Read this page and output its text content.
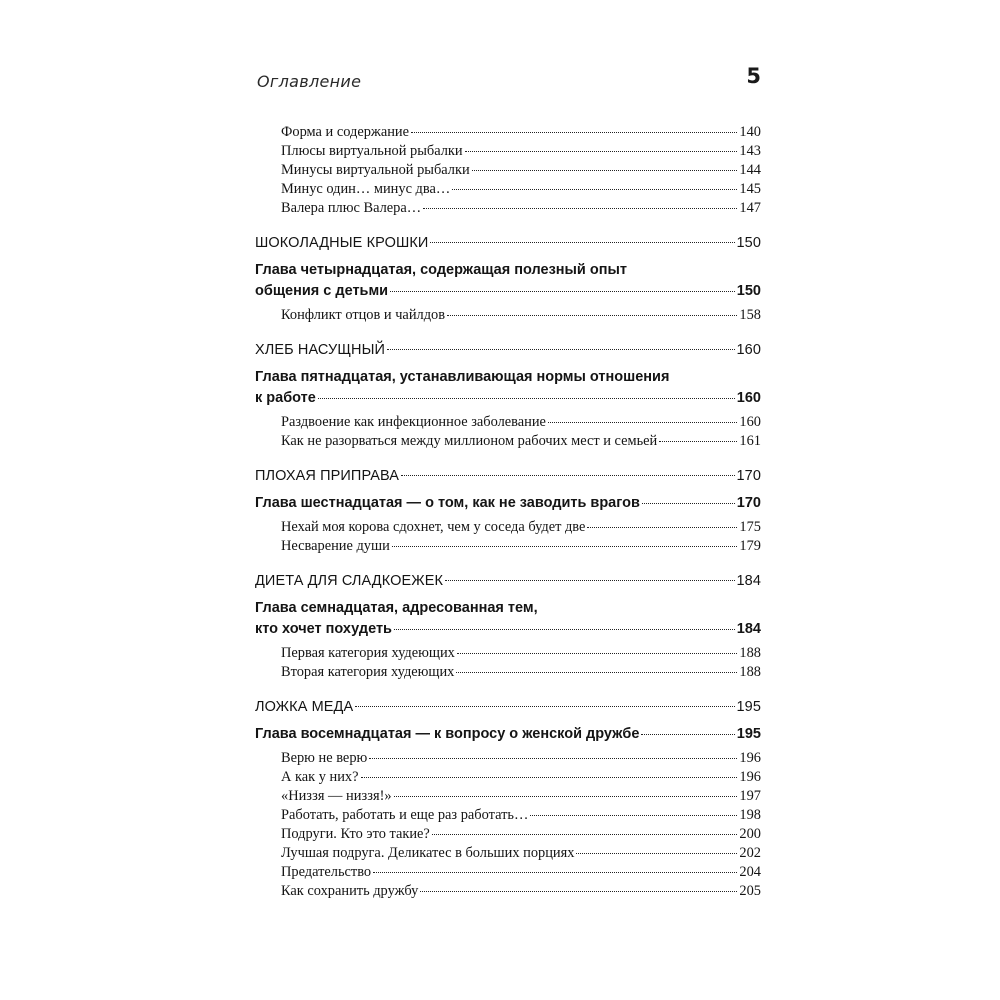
Оглавление	5
Форма и содержание	140
Плюсы виртуальной рыбалки	143
Минусы виртуальной рыбалки	144
Минус один… минус два…	145
Валера плюс Валера…	147
ШОКОЛАДНЫЕ КРОШКИ	150
Глава четырнадцатая, содержащая полезный опыт
общения с детьми	150
Конфликт отцов и чайлдов	158
ХЛЕБ НАСУЩНЫЙ	160
Глава пятнадцатая, устанавливающая нормы отношения
к работе	160
Раздвоение как инфекционное заболевание	160
Как не разорваться между миллионом рабочих мест и семьей	161
ПЛОХАЯ ПРИПРАВА	170
Глава шестнадцатая — о том, как не заводить врагов	170
Нехай моя корова сдохнет, чем у соседа будет две	175
Несварение души	179
ДИЕТА ДЛЯ СЛАДКОЕЖЕК	184
Глава семнадцатая, адресованная тем,
кто хочет похудеть	184
Первая категория худеющих	188
Вторая категория худеющих	188
ЛОЖКА МЕДА	195
Глава восемнадцатая — к вопросу о женской дружбе	195
Верю не верю	196
А как у них?	196
«Низзя — низзя!»	197
Работать, работать и еще раз работать…	198
Подруги. Кто это такие?	200
Лучшая подруга. Деликатес в больших порциях	202
Предательство	204
Как сохранить дружбу	205
